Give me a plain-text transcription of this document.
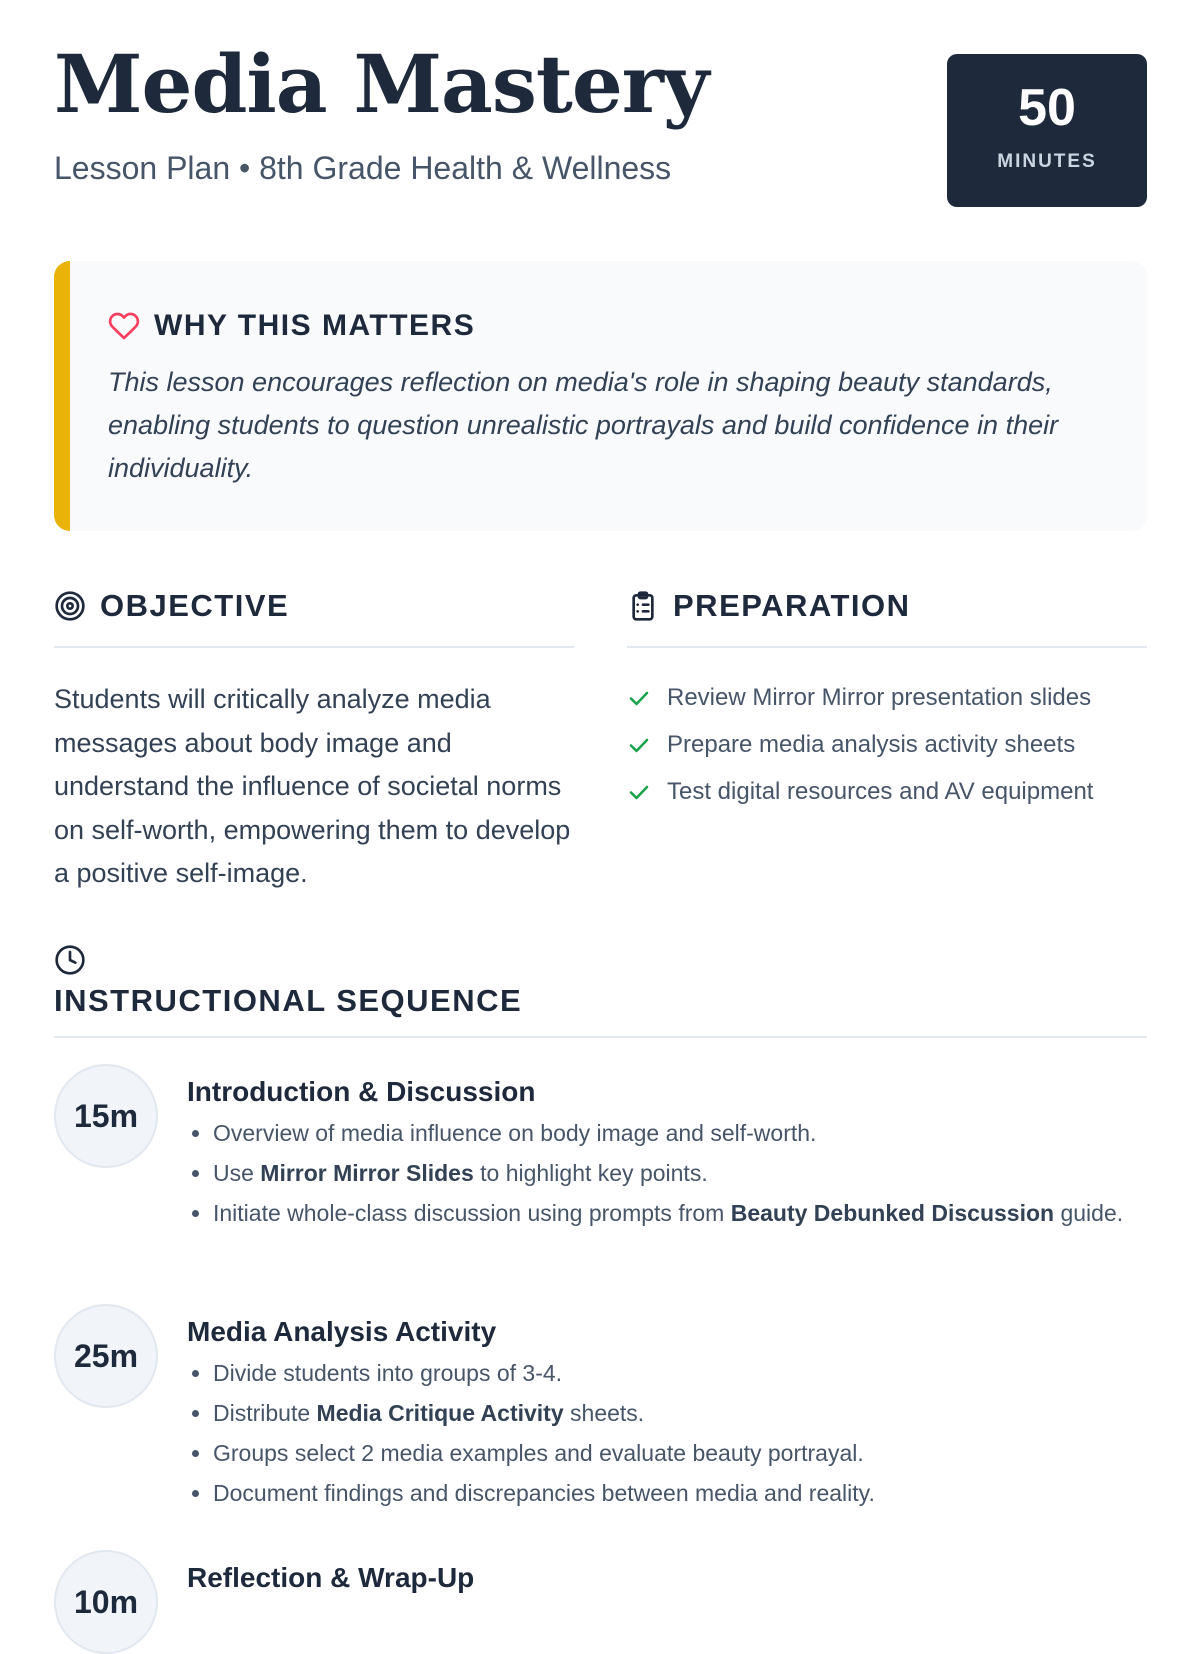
Media Mastery
Lesson Plan • 8th Grade Health & Wellness
50
MINUTES
WHY THIS MATTERS
This lesson encourages reflection on media's role in shaping beauty standards, enabling students to question unrealistic portrayals and build confidence in their individuality.
OBJECTIVE
Students will critically analyze media messages about body image and understand the influence of societal norms on self-worth, empowering them to develop a positive self-image.
PREPARATION
Review Mirror Mirror presentation slides
Prepare media analysis activity sheets
Test digital resources and AV equipment
INSTRUCTIONAL SEQUENCE
15m
Introduction & Discussion
• Overview of media influence on body image and self-worth.
• Use Mirror Mirror Slides to highlight key points.
• Initiate whole-class discussion using prompts from Beauty Debunked Discussion guide.
25m
Media Analysis Activity
• Divide students into groups of 3-4.
• Distribute Media Critique Activity sheets.
• Groups select 2 media examples and evaluate beauty portrayal.
• Document findings and discrepancies between media and reality.
10m
Reflection & Wrap-Up
